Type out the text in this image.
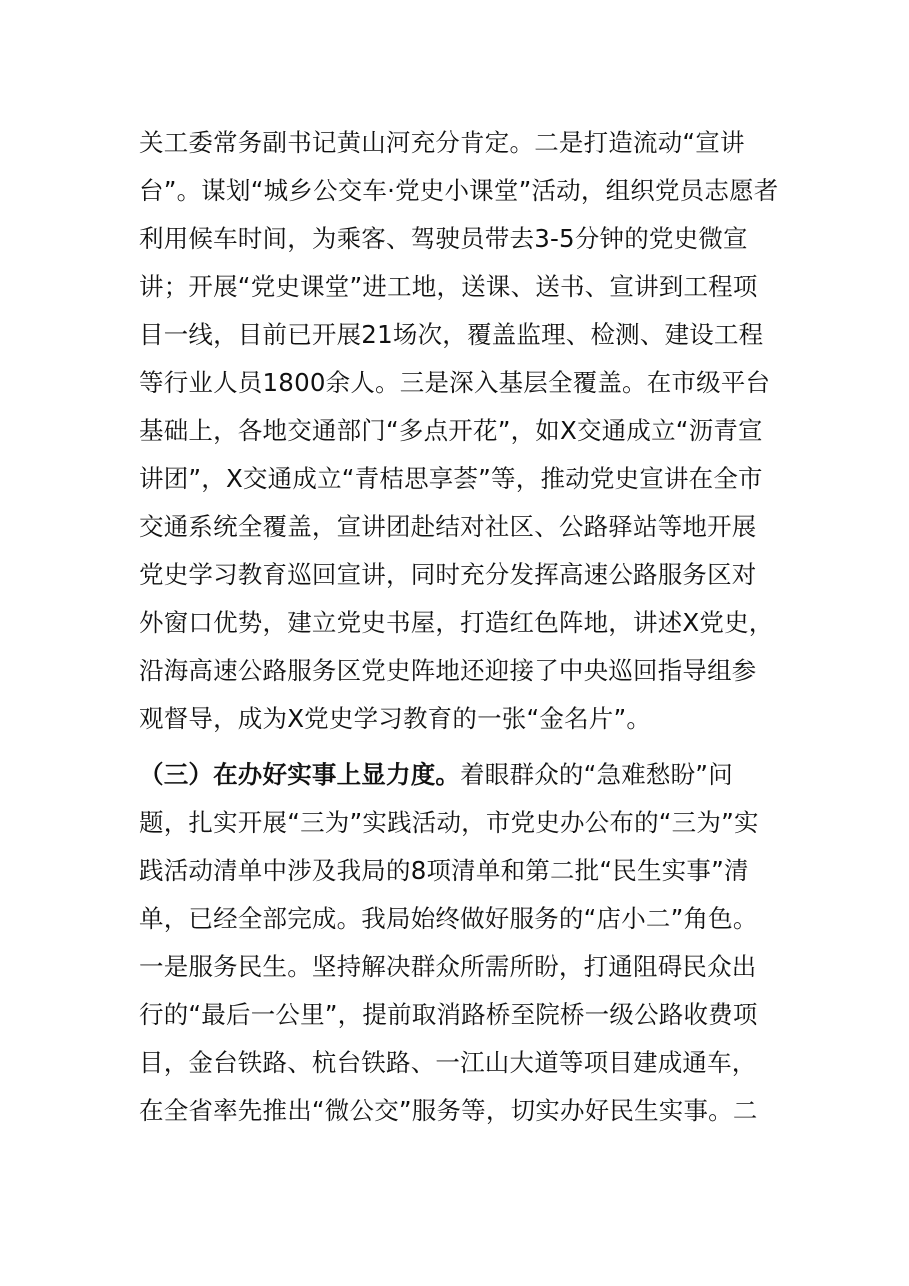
关工委常务副书记黄山河充分肯定。二是打造流动“宣讲
台”。谋划“城乡公交车·党史小课堂”活动，组织党员志愿者
利用候车时间，为乘客、驾驶员带去3-5分钟的党史微宣
讲；开展“党史课堂”进工地，送课、送书、宣讲到工程项
目一线，目前已开展21场次，覆盖监理、检测、建设工程
等行业人员1800余人。三是深入基层全覆盖。在市级平台
基础上，各地交通部门“多点开花”，如X交通成立“沥青宣
讲团”，X交通成立“青桔思享荟”等，推动党史宣讲在全市
交通系统全覆盖，宣讲团赴结对社区、公路驿站等地开展
党史学习教育巡回宣讲，同时充分发挥高速公路服务区对
外窗口优势，建立党史书屋，打造红色阵地，讲述X党史，
沿海高速公路服务区党史阵地还迎接了中央巡回指导组参
观督导，成为X党史学习教育的一张“金名片”。
（三）在办好实事上显力度。着眼群众的“急难愁盼”问
题，扎实开展“三为”实践活动，市党史办公布的“三为”实
践活动清单中涉及我局的8项清单和第二批“民生实事”清
单，已经全部完成。我局始终做好服务的“店小二”角色。
一是服务民生。坚持解决群众所需所盼，打通阻碍民众出
行的“最后一公里”，提前取消路桥至院桥一级公路收费项
目，金台铁路、杭台铁路、一江山大道等项目建成通车，
在全省率先推出“微公交”服务等，切实办好民生实事。二
